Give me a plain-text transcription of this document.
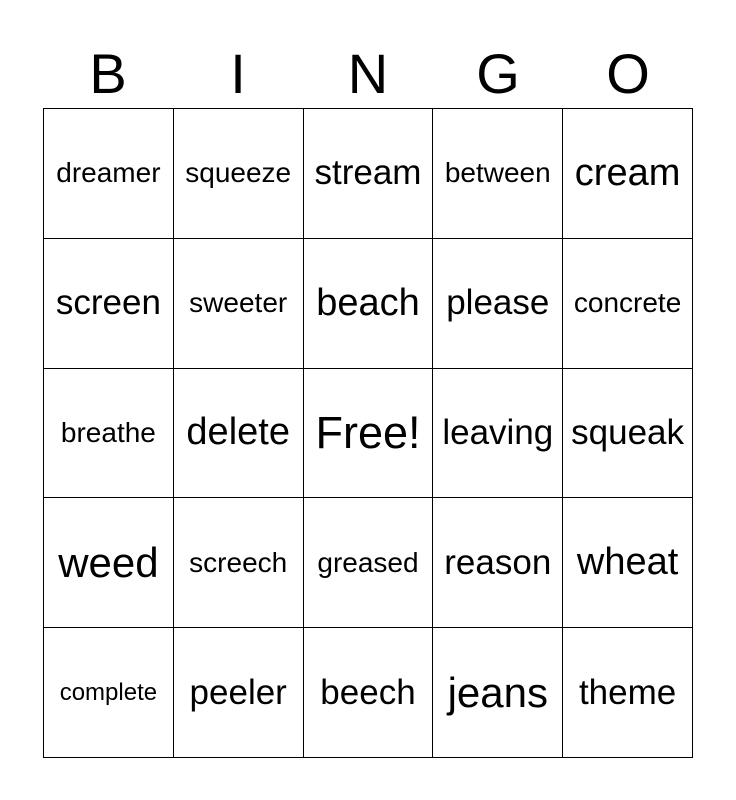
B	I	N	G	O
dreamer squeeze stream between cream
screen sweeter beach please concrete
breathe delete Free! leaving squeak
weed screech greased reason wheat
complete peeler beech jeans theme
